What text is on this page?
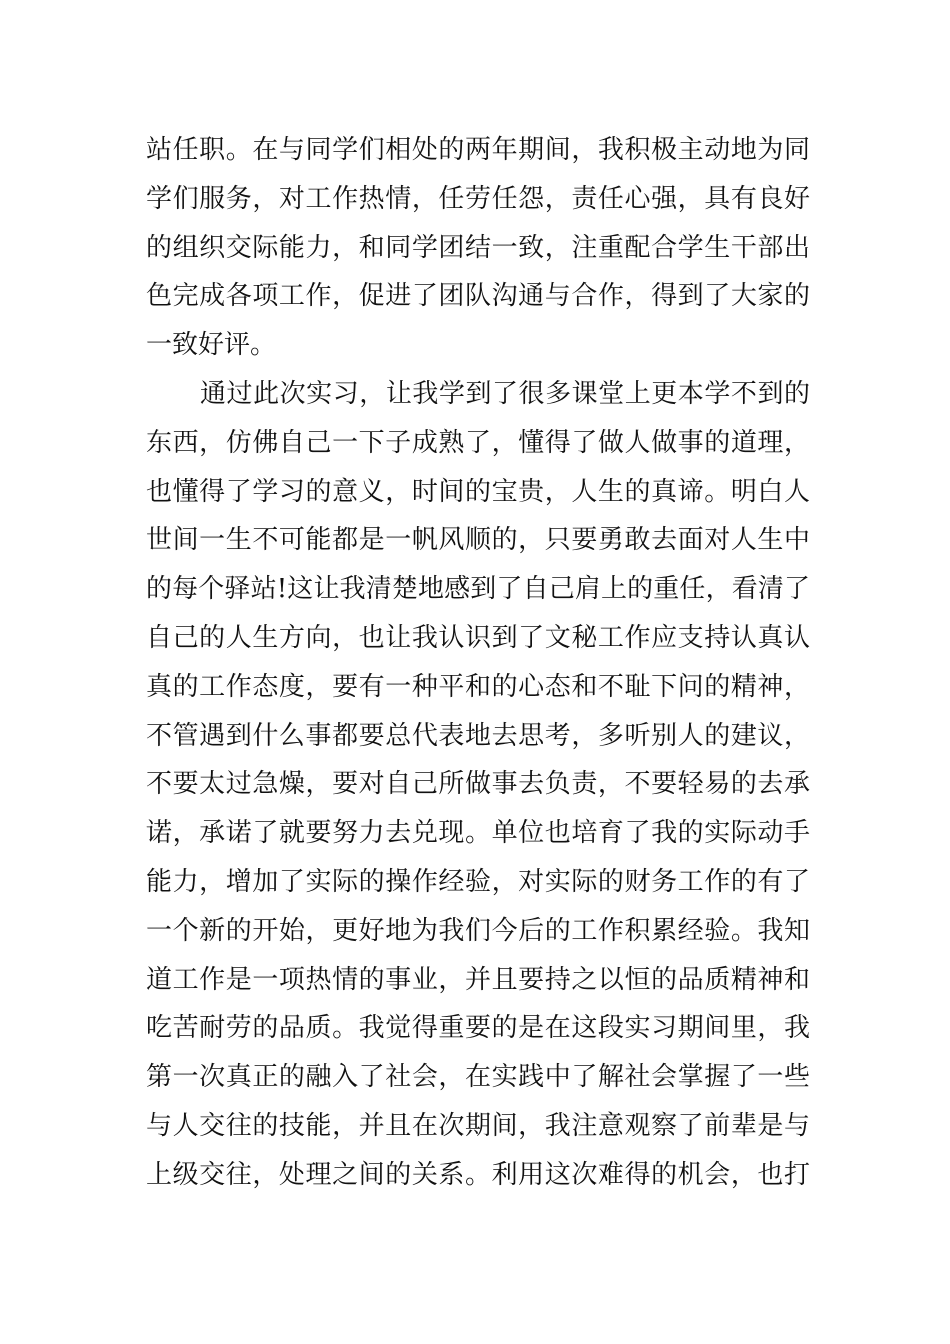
站任职。在与同学们相处的两年期间，我积极主动地为同
学们服务，对工作热情，任劳任怨，责任心强，具有良好
的组织交际能力，和同学团结一致，注重配合学生干部出
色完成各项工作，促进了团队沟通与合作，得到了大家的
一致好评。
通过此次实习，让我学到了很多课堂上更本学不到的
东西，仿佛自己一下子成熟了，懂得了做人做事的道理，
也懂得了学习的意义，时间的宝贵，人生的真谛。明白人
世间一生不可能都是一帆风顺的，只要勇敢去面对人生中
的每个驿站!这让我清楚地感到了自己肩上的重任，看清了
自己的人生方向，也让我认识到了文秘工作应支持认真认
真的工作态度，要有一种平和的心态和不耻下问的精神，
不管遇到什么事都要总代表地去思考，多听别人的建议，
不要太过急燥，要对自己所做事去负责，不要轻易的去承
诺，承诺了就要努力去兑现。单位也培育了我的实际动手
能力，增加了实际的操作经验，对实际的财务工作的有了
一个新的开始，更好地为我们今后的工作积累经验。我知
道工作是一项热情的事业，并且要持之以恒的品质精神和
吃苦耐劳的品质。我觉得重要的是在这段实习期间里，我
第一次真正的融入了社会，在实践中了解社会掌握了一些
与人交往的技能，并且在次期间，我注意观察了前辈是与
上级交往，处理之间的关系。利用这次难得的机会，也打
